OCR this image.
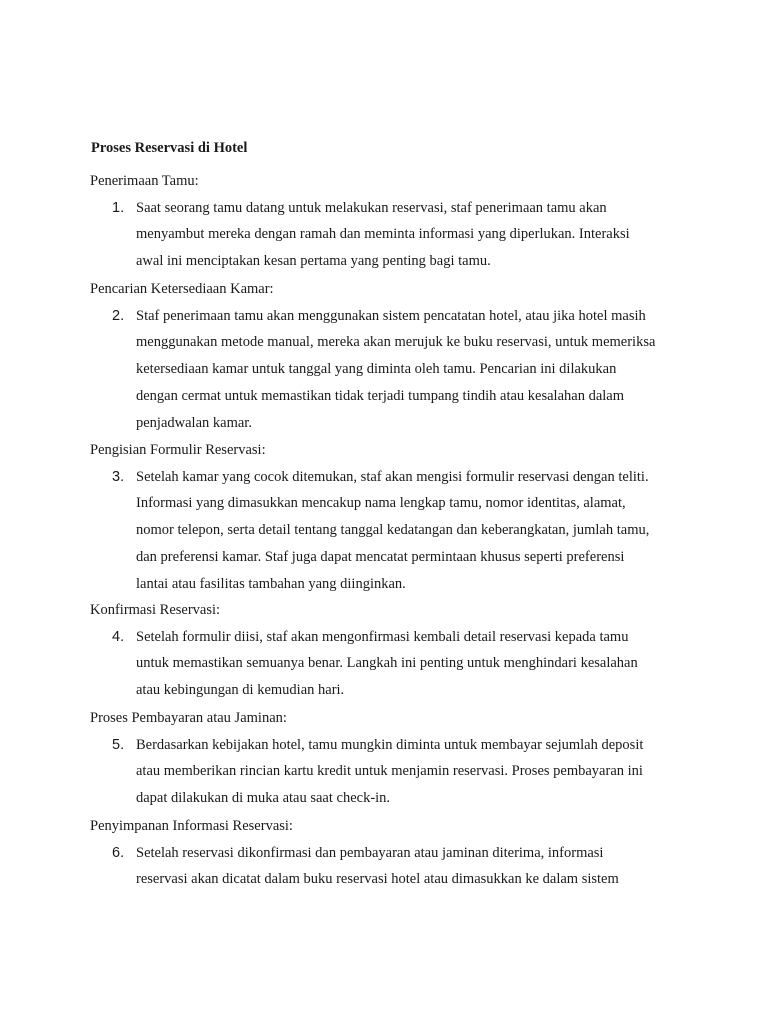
Proses Reservasi di Hotel
Penerimaan Tamu:
1. Saat seorang tamu datang untuk melakukan reservasi, staf penerimaan tamu akan
menyambut mereka dengan ramah dan meminta informasi yang diperlukan. Interaksi
awal ini menciptakan kesan pertama yang penting bagi tamu.
Pencarian Ketersediaan Kamar:
2. Staf penerimaan tamu akan menggunakan sistem pencatatan hotel, atau jika hotel masih
menggunakan metode manual, mereka akan merujuk ke buku reservasi, untuk memeriksa
ketersediaan kamar untuk tanggal yang diminta oleh tamu. Pencarian ini dilakukan
dengan cermat untuk memastikan tidak terjadi tumpang tindih atau kesalahan dalam
penjadwalan kamar.
Pengisian Formulir Reservasi:
3. Setelah kamar yang cocok ditemukan, staf akan mengisi formulir reservasi dengan teliti.
Informasi yang dimasukkan mencakup nama lengkap tamu, nomor identitas, alamat,
nomor telepon, serta detail tentang tanggal kedatangan dan keberangkatan, jumlah tamu,
dan preferensi kamar. Staf juga dapat mencatat permintaan khusus seperti preferensi
lantai atau fasilitas tambahan yang diinginkan.
Konfirmasi Reservasi:
4. Setelah formulir diisi, staf akan mengonfirmasi kembali detail reservasi kepada tamu
untuk memastikan semuanya benar. Langkah ini penting untuk menghindari kesalahan
atau kebingungan di kemudian hari.
Proses Pembayaran atau Jaminan:
5. Berdasarkan kebijakan hotel, tamu mungkin diminta untuk membayar sejumlah deposit
atau memberikan rincian kartu kredit untuk menjamin reservasi. Proses pembayaran ini
dapat dilakukan di muka atau saat check-in.
Penyimpanan Informasi Reservasi:
6. Setelah reservasi dikonfirmasi dan pembayaran atau jaminan diterima, informasi
reservasi akan dicatat dalam buku reservasi hotel atau dimasukkan ke dalam sistem
